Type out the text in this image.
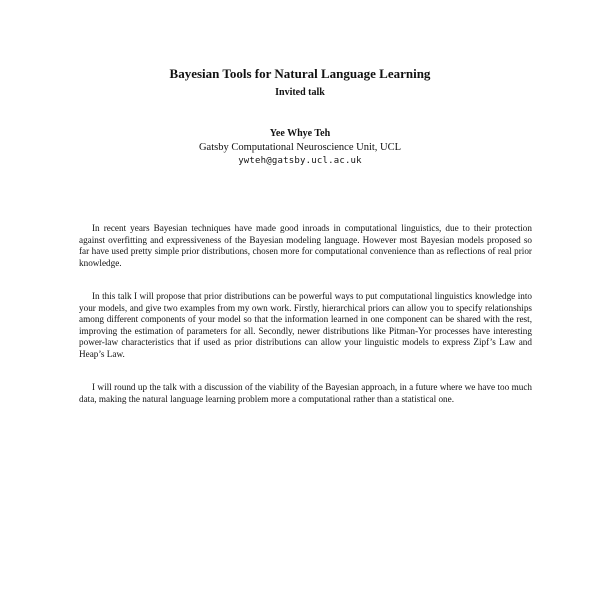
Bayesian Tools for Natural Language Learning
Invited talk
Yee Whye Teh
Gatsby Computational Neuroscience Unit, UCL
ywteh@gatsby.ucl.ac.uk

In recent years Bayesian techniques have made good inroads in computational linguistics, due to their protection against overfitting and expressiveness of the Bayesian modeling language. However most Bayesian models proposed so far have used pretty simple prior distributions, chosen more for computational convenience than as reflections of real prior knowledge.

In this talk I will propose that prior distributions can be powerful ways to put computational linguistics knowledge into your models, and give two examples from my own work. Firstly, hierarchical priors can allow you to specify relationships among different components of your model so that the information learned in one component can be shared with the rest, improving the estimation of parameters for all. Secondly, newer distributions like Pitman-Yor processes have interesting power-law characteristics that if used as prior distributions can allow your linguistic models to express Zipf’s Law and Heap’s Law.

I will round up the talk with a discussion of the viability of the Bayesian approach, in a future where we have too much data, making the natural language learning problem more a computational rather than a statistical one.
